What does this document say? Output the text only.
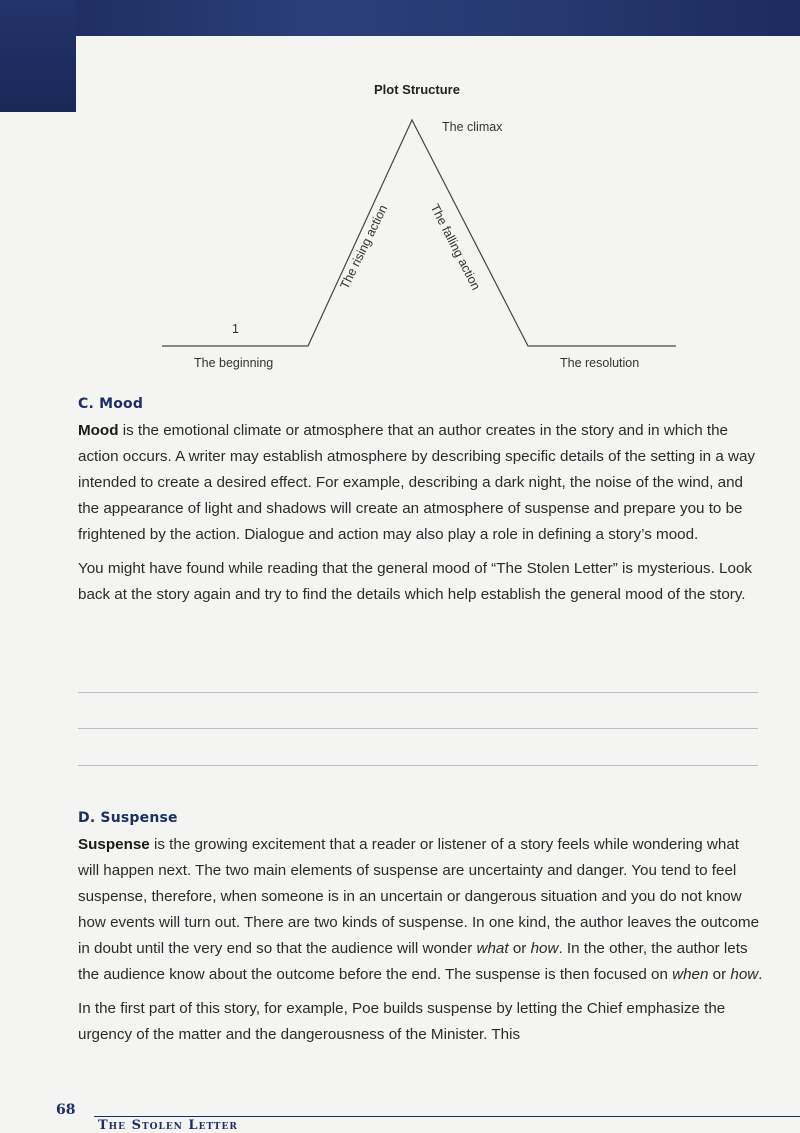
Plot Structure
The climax
The rising action	The falling action
1
The beginning	The resolution
C. Mood

Mood is the emotional climate or atmosphere that an author creates in the story and in which the action occurs. A writer may establish atmosphere by describing specific details of the setting in a way intended to create a desired effect. For example, describing a dark night, the noise of the wind, and the appearance of light and shadows will create an atmosphere of suspense and prepare you to be frightened by the action. Dialogue and action may also play a role in defining a story’s mood.

You might have found while reading that the general mood of “The Stolen Letter” is mysterious. Look back at the story again and try to find the details which help establish the general mood of the story.

D. Suspense

Suspense is the growing excitement that a reader or listener of a story feels while wondering what will happen next. The two main elements of suspense are uncertainty and danger. You tend to feel suspense, therefore, when someone is in an uncertain or dangerous situation and you do not know how events will turn out. There are two kinds of suspense. In one kind, the author leaves the outcome in doubt until the very end so that the audience will wonder what or how. In the other, the author lets the audience know about the outcome before the end. The suspense is then focused on when or how.

In the first part of this story, for example, Poe builds suspense by letting the Chief emphasize the urgency of the matter and the dangerousness of the Minister. This

68
The Stolen Letter
